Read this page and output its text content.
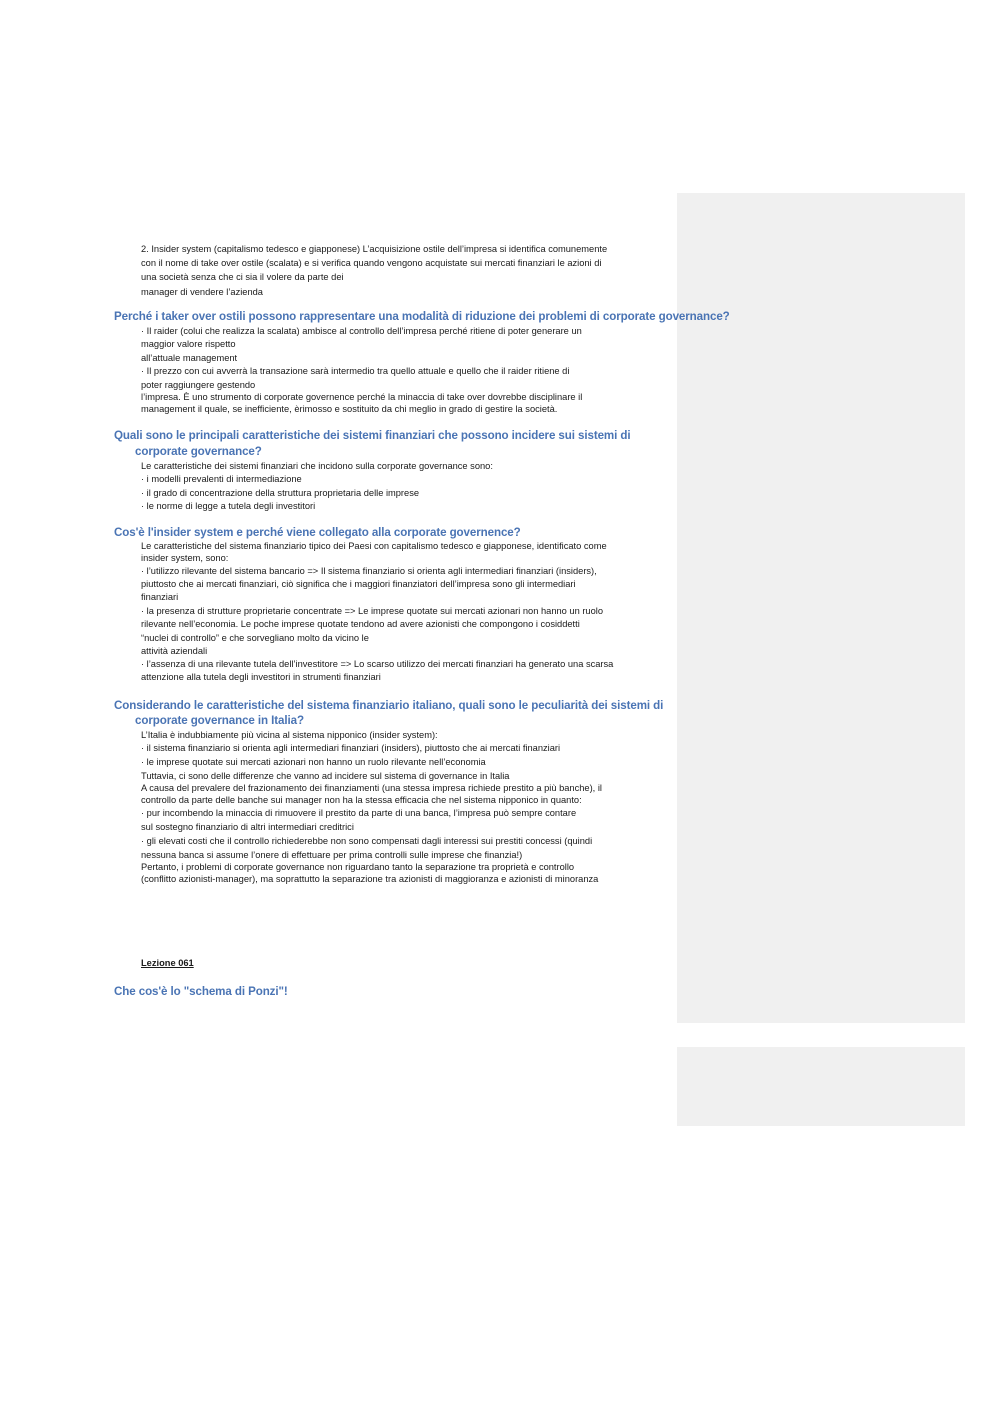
2. Insider system (capitalismo tedesco e giapponese) L’acquisizione ostile dell’impresa si identifica comunemente
con il nome di take over ostile (scalata) e si verifica quando vengono acquistate sui mercati finanziari le azioni di
una società senza che ci sia il volere da parte dei
manager di vendere l’azienda
Perché i taker over ostili possono rappresentare una modalità di riduzione dei problemi di corporate governance?
· Il raider (colui che realizza la scalata) ambisce al controllo dell’impresa perché ritiene di poter generare un
maggior valore rispetto
all’attuale management
· Il prezzo con cui avverrà la transazione sarà intermedio tra quello attuale e quello che il raider ritiene di
poter raggiungere gestendo
l’impresa. È uno strumento di corporate governence perché la minaccia di take over dovrebbe disciplinare il
management il quale, se inefficiente, èrimosso e sostituito da chi meglio in grado di gestire la società.
Quali sono le principali caratteristiche dei sistemi finanziari che possono incidere sui sistemi di
corporate governance?
Le caratteristiche dei sistemi finanziari che incidono sulla corporate governance sono:
· i modelli prevalenti di intermediazione
· il grado di concentrazione della struttura proprietaria delle imprese
· le norme di legge a tutela degli investitori
Cos'è l'insider system e perché viene collegato alla corporate governence?
Le caratteristiche del sistema finanziario tipico dei Paesi con capitalismo tedesco e giapponese, identificato come
insider system, sono:
· l’utilizzo rilevante del sistema bancario => Il sistema finanziario si orienta agli intermediari finanziari (insiders),
piuttosto che ai mercati finanziari, ciò significa che i maggiori finanziatori dell’impresa sono gli intermediari
finanziari
· la presenza di strutture proprietarie concentrate => Le imprese quotate sui mercati azionari non hanno un ruolo
rilevante nell’economia. Le poche imprese quotate tendono ad avere azionisti che compongono i cosiddetti
“nuclei di controllo” e che sorvegliano molto da vicino le
attività aziendali
· l’assenza di una rilevante tutela dell’investitore => Lo scarso utilizzo dei mercati finanziari ha generato una scarsa
attenzione alla tutela degli investitori in strumenti finanziari
Considerando le caratteristiche del sistema finanziario italiano, quali sono le peculiarità dei sistemi di
corporate governance in Italia?
L’Italia è indubbiamente più vicina al sistema nipponico (insider system):
· il sistema finanziario si orienta agli intermediari finanziari (insiders), piuttosto che ai mercati finanziari
· le imprese quotate sui mercati azionari non hanno un ruolo rilevante nell’economia
Tuttavia, ci sono delle differenze che vanno ad incidere sul sistema di governance in Italia
A causa del prevalere del frazionamento dei finanziamenti (una stessa impresa richiede prestito a più banche), il
controllo da parte delle banche sui manager non ha la stessa efficacia che nel sistema nipponico in quanto:
· pur incombendo la minaccia di rimuovere il prestito da parte di una banca, l’impresa può sempre contare
sul sostegno finanziario di altri intermediari creditrici
· gli elevati costi che il controllo richiederebbe non sono compensati dagli interessi sui prestiti concessi (quindi
nessuna banca si assume l’onere di effettuare per prima controlli sulle imprese che finanzia!)
Pertanto, i problemi di corporate governance non riguardano tanto la separazione tra proprietà e controllo
(conflitto azionisti-manager), ma soprattutto la separazione tra azionisti di maggioranza e azionisti di minoranza
Lezione 061
Che cos'è lo "schema di Ponzi"!
